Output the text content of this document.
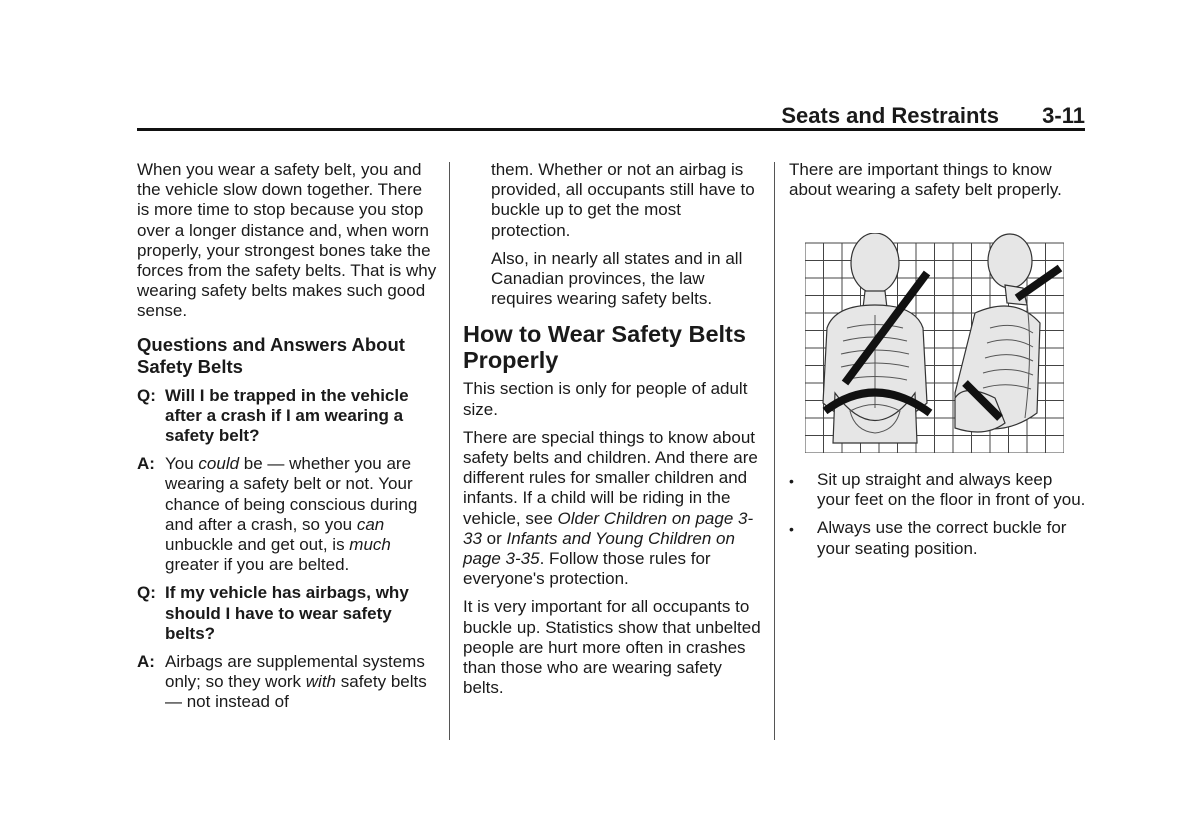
Seats and Restraints 3-11

When you wear a safety belt, you and the vehicle slow down together. There is more time to stop because you stop over a longer distance and, when worn properly, your strongest bones take the forces from the safety belts. That is why wearing safety belts makes such good sense.

Questions and Answers About Safety Belts
Q: Will I be trapped in the vehicle after a crash if I am wearing a safety belt?
A: You could be — whether you are wearing a safety belt or not. Your chance of being conscious during and after a crash, so you can unbuckle and get out, is much greater if you are belted.
Q: If my vehicle has airbags, why should I have to wear safety belts?
A: Airbags are supplemental systems only; so they work with safety belts — not instead of

them. Whether or not an airbag is provided, all occupants still have to buckle up to get the most protection.

Also, in nearly all states and in all Canadian provinces, the law requires wearing safety belts.

How to Wear Safety Belts Properly

This section is only for people of adult size.

There are special things to know about safety belts and children. And there are different rules for smaller children and infants. If a child will be riding in the vehicle, see Older Children on page 3-33 or Infants and Young Children on page 3-35. Follow those rules for everyone's protection.

It is very important for all occupants to buckle up. Statistics show that unbelted people are hurt more often in crashes than those who are wearing safety belts.

There are important things to know about wearing a safety belt properly.

•	Sit up straight and always keep your feet on the floor in front of you.
•	Always use the correct buckle for your seating position.
